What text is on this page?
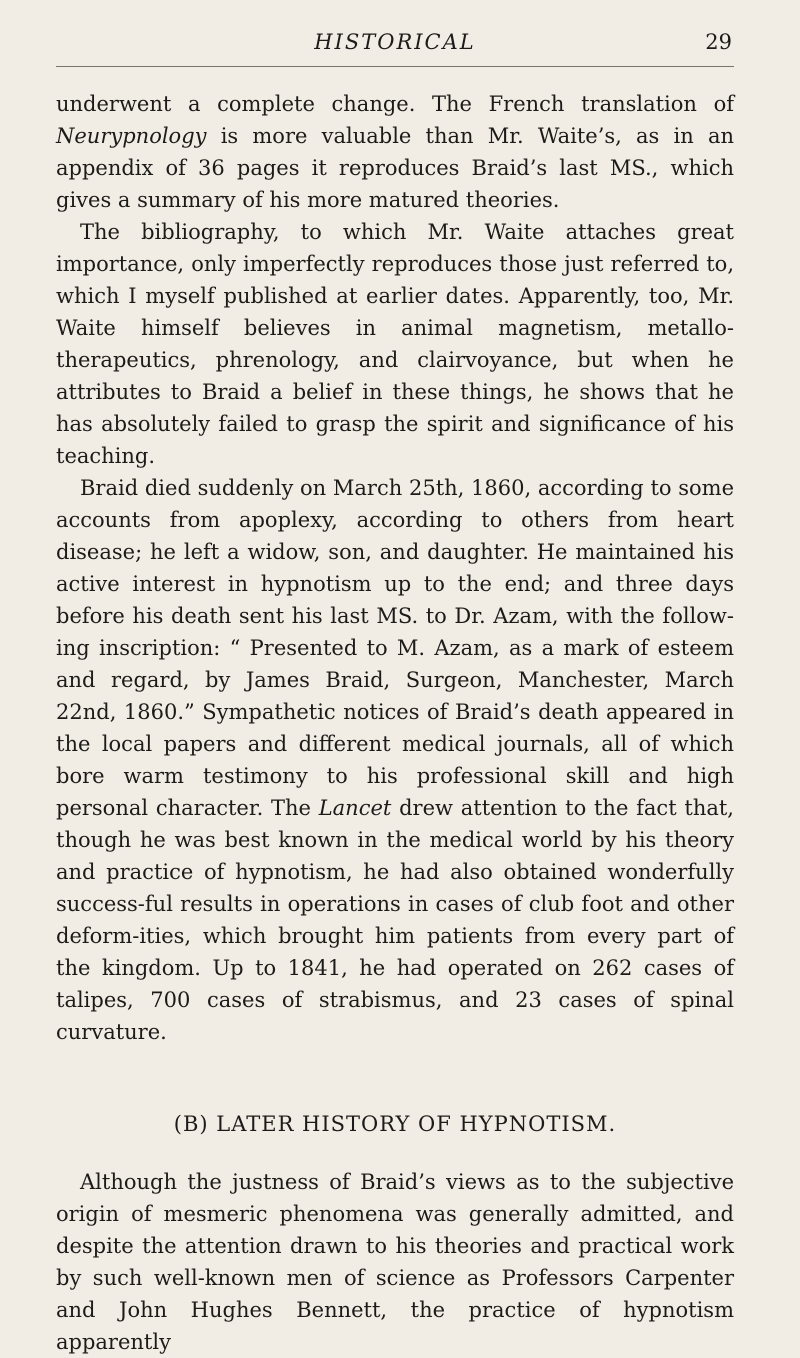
HISTORICAL	29

underwent a complete change. The French translation of Neurypnology is more valuable than Mr. Waite’s, as in an appendix of 36 pages it reproduces Braid’s last MS., which gives a summary of his more matured theories.

The bibliography, to which Mr. Waite attaches great importance, only imperfectly reproduces those just referred to, which I myself published at earlier dates. Apparently, too, Mr. Waite himself believes in animal magnetism, metallo-therapeutics, phrenology, and clairvoyance, but when he attributes to Braid a belief in these things, he shows that he has absolutely failed to grasp the spirit and significance of his teaching.

Braid died suddenly on March 25th, 1860, according to some accounts from apoplexy, according to others from heart disease; he left a widow, son, and daughter. He maintained his active interest in hypnotism up to the end; and three days before his death sent his last MS. to Dr. Azam, with the follow-ing inscription: “ Presented to M. Azam, as a mark of esteem and regard, by James Braid, Surgeon, Manchester, March 22nd, 1860.” Sympathetic notices of Braid’s death appeared in the local papers and different medical journals, all of which bore warm testimony to his professional skill and high personal character. The Lancet drew attention to the fact that, though he was best known in the medical world by his theory and practice of hypnotism, he had also obtained wonderfully success-ful results in operations in cases of club foot and other deform-ities, which brought him patients from every part of the kingdom. Up to 1841, he had operated on 262 cases of talipes, 700 cases of strabismus, and 23 cases of spinal curvature.

(B) LATER HISTORY OF HYPNOTISM.

Although the justness of Braid’s views as to the subjective origin of mesmeric phenomena was generally admitted, and despite the attention drawn to his theories and practical work by such well-known men of science as Professors Carpenter and John Hughes Bennett, the practice of hypnotism apparently
